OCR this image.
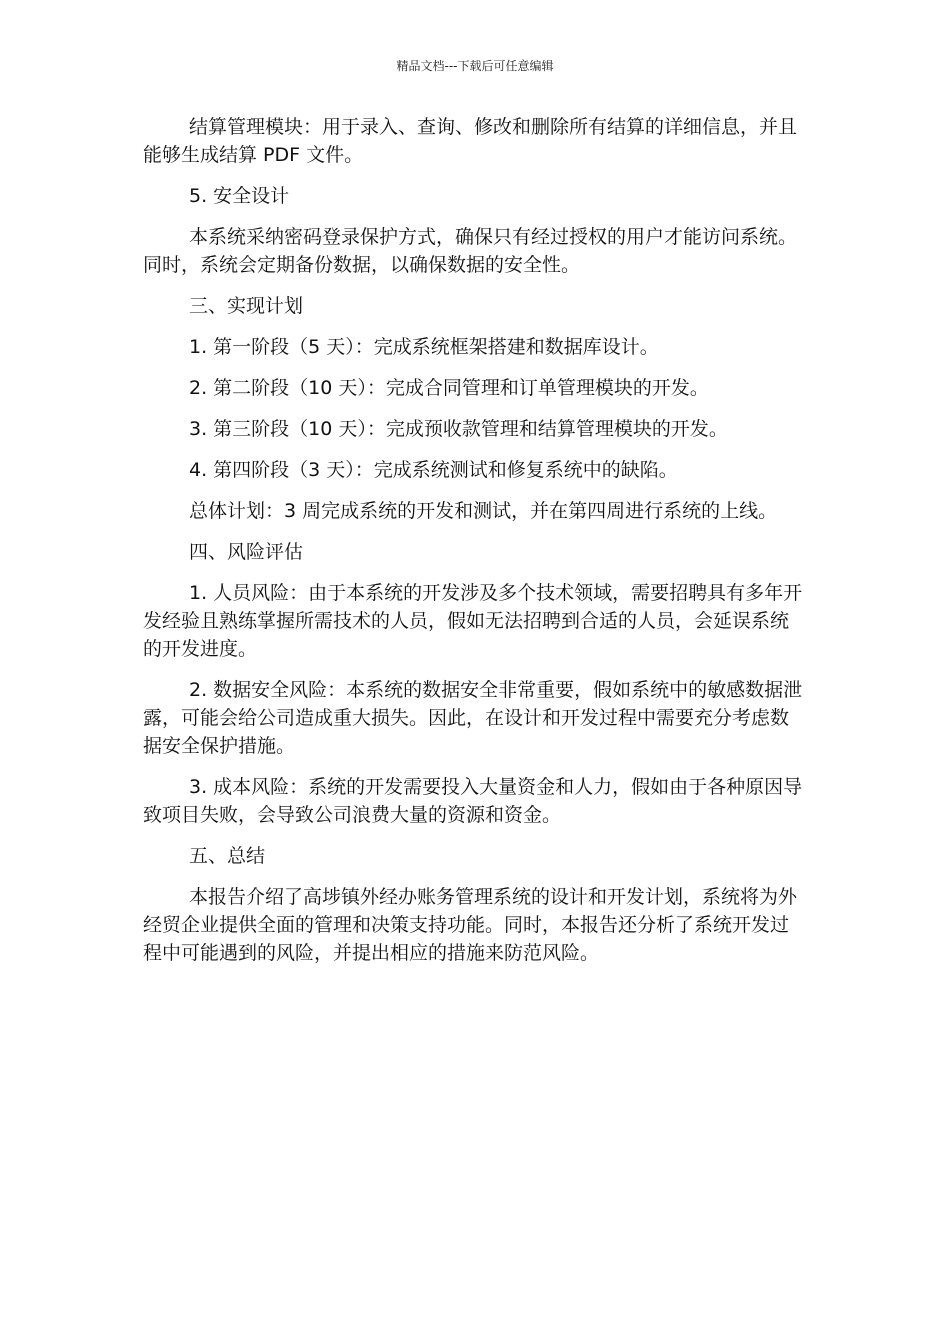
精品文档---下载后可任意编辑

结算管理模块：用于录入、查询、修改和删除所有结算的详细信息，并且能够生成结算 PDF 文件。

5. 安全设计

本系统采纳密码登录保护方式，确保只有经过授权的用户才能访问系统。同时，系统会定期备份数据，以确保数据的安全性。

三、实现计划

1. 第一阶段（5 天）：完成系统框架搭建和数据库设计。

2. 第二阶段（10 天）：完成合同管理和订单管理模块的开发。

3. 第三阶段（10 天）：完成预收款管理和结算管理模块的开发。

4. 第四阶段（3 天）：完成系统测试和修复系统中的缺陷。

总体计划：3 周完成系统的开发和测试，并在第四周进行系统的上线。

四、风险评估

1. 人员风险：由于本系统的开发涉及多个技术领域，需要招聘具有多年开发经验且熟练掌握所需技术的人员，假如无法招聘到合适的人员，会延误系统的开发进度。

2. 数据安全风险：本系统的数据安全非常重要，假如系统中的敏感数据泄露，可能会给公司造成重大损失。因此，在设计和开发过程中需要充分考虑数据安全保护措施。

3. 成本风险：系统的开发需要投入大量资金和人力，假如由于各种原因导致项目失败，会导致公司浪费大量的资源和资金。

五、总结

本报告介绍了高埗镇外经办账务管理系统的设计和开发计划，系统将为外经贸企业提供全面的管理和决策支持功能。同时，本报告还分析了系统开发过程中可能遇到的风险，并提出相应的措施来防范风险。
